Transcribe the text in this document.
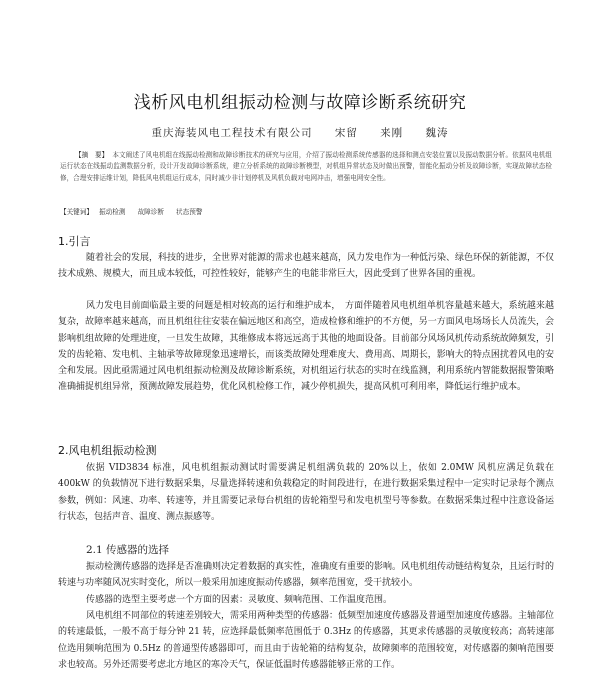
浅析风电机组振动检测与故障诊断系统研究
重庆海装风电工程技术有限公司 宋留 来刚 魏涛
【摘　要】 本文阐述了风电机组在线振动检测和故障诊断技术的研究与应用，介绍了振动检测系统传感器的选择和测点安装位置以及振动数据分析。依据风电机组运行状态在线振动监测数据分析，设计开发故障诊断系统，建立分析系统的故障诊断模型，对机组异常状态及时做出预警，智能化振动分析及故障诊断，实现故障状态检修，合理安排运维计划，降低风电机组运行成本，同时减少非计划停机及风机负载对电网冲击，增强电网安全性。
【关键词】 振动检测 故障诊断 状态预警
1.引言
随着社会的发展，科技的进步，全世界对能源的需求也越来越高，风力发电作为一种低污染、绿色环保的新能源，不仅技术成熟、规模大，而且成本较低，可控性较好，能够产生的电能非常巨大，因此受到了世界各国的重视。
风力发电目前面临最主要的问题是相对较高的运行和维护成本，　方面伴随着风电机组单机容量越来越大，系统越来越复杂，故障率越来越高，而且机组往往安装在偏远地区和高空，造成检修和维护的不方便，另一方面风电场场长人员流失，会影响机组故障的处理进度，一旦发生故障，其维修成本将远远高于其他的地面设备。目前部分风场风机传动系统故障频发，引发的齿轮箱、发电机、主轴承等故障现象迅速增长，而该类故障处理难度大、费用高、周期长，影响大的特点困扰着风电的安全和发展。因此亟需通过风电机组振动检测及故障诊断系统，对机组运行状态的实时在线监测，利用系统内智能数据报警策略准确捕捉机组异常，预测故障发展趋势，优化风机检修工作，减少停机损失，提高风机可利用率，降低运行维护成本。
2.风电机组振动检测
依据 VID3834 标准，风电机组振动测试时需要满足机组满负载的 20%以上，依如 2.0MW 风机应满足负载在 400kW 的负载情况下进行数据采集，尽量选择转速和负载稳定的时间段进行，在进行数据采集过程中一定实时记录每个测点参数，例如：风速、功率、转速等，并且需要记录每台机组的齿轮箱型号和发电机型号等参数。在数据采集过程中注意设备运行状态，包括声音、温度、测点振感等。
2.1 传感器的选择
振动检测传感器的选择是否准确则决定着数据的真实性，准确度有重要的影响。风电机组传动链结构复杂，且运行时的转速与功率随风况实时变化，所以一般采用加速度振动传感器，频率范围宽，受干扰较小。
传感器的选型主要考虑一个方面的因素：灵敏度、频响范围、工作温度范围。
风电机组不同部位的转速差别较大，需采用两种类型的传感器：低频型加速度传感器及普通型加速度传感器。主轴部位的转速最低，一般不高于每分钟 21 转，应选择最低频率范围低于 0.3Hz 的传感器，其更求传感器的灵敏度较高；高转速部位选用频响范围为 0.5Hz 的普通型传感器即可，而且由于齿轮箱的结构复杂，故障频率的范围较宽，对传感器的频响范围要求也较高。另外还需要考虑北方地区的寒冷天气，保证低温时传感器能够正常的工作。
